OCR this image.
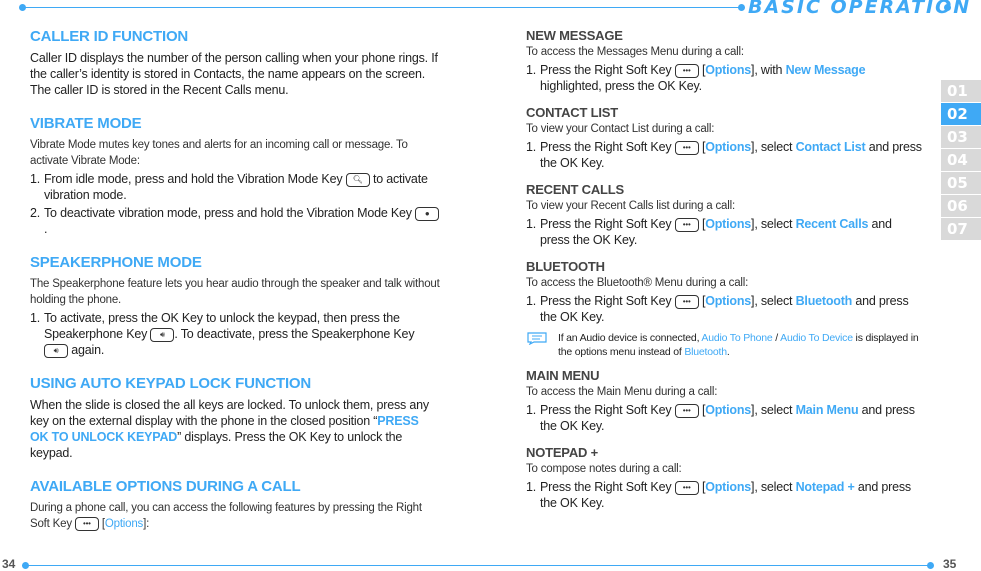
BASIC OPERATION
34	35
01
02
03
04
05
06
07
CALLER ID FUNCTION

Caller ID displays the number of the person calling when your phone rings. If the caller’s identity is stored in Contacts, the name appears on the screen. The caller ID is stored in the Recent Calls menu.

VIBRATE MODE

Vibrate Mode mutes key tones and alerts for an incoming call or message. To activate Vibrate Mode:

1. From idle mode, press and hold the Vibration Mode Key 🔍︎ to activate vibration mode.
2. To deactivate vibration mode, press and hold the Vibration Mode Key ●.
SPEAKERPHONE MODE

The Speakerphone feature lets you hear audio through the speaker and talk without holding the phone.

1. To activate, press the OK Key to unlock the keypad, then press the Speakerphone Key 🔊︎ . To deactivate, press the Speakerphone Key 🔊︎ again.
USING AUTO KEYPAD LOCK FUNCTION

When the slide is closed the all keys are locked. To unlock them, press any key on the external display with the phone in the closed position “PRESS OK TO UNLOCK KEYPAD” displays. Press the OK Key to unlock the keypad.

AVAILABLE OPTIONS DURING A CALL

During a phone call, you can access the following features by pressing the Right Soft Key ••• [Options]:

NEW MESSAGE

To access the Messages Menu during a call:

1. Press the Right Soft Key ••• [Options], with New Message highlighted, press the OK Key.
CONTACT LIST

To view your Contact List during a call:

1. Press the Right Soft Key ••• [Options], select Contact List and press the OK Key.
RECENT CALLS

To view your Recent Calls list during a call:

1. Press the Right Soft Key ••• [Options], select Recent Calls and press the OK Key.
BLUETOOTH

To access the Bluetooth® Menu during a call:

1. Press the Right Soft Key ••• [Options], select Bluetooth and press the OK Key.
If an Audio device is connected, Audio To Phone / Audio To Device is displayed in the options menu instead of Bluetooth.
MAIN MENU

To access the Main Menu during a call:

1. Press the Right Soft Key ••• [Options], select Main Menu and press the OK Key.
NOTEPAD +

To compose notes during a call:

1. Press the Right Soft Key ••• [Options], select Notepad + and press the OK Key.
